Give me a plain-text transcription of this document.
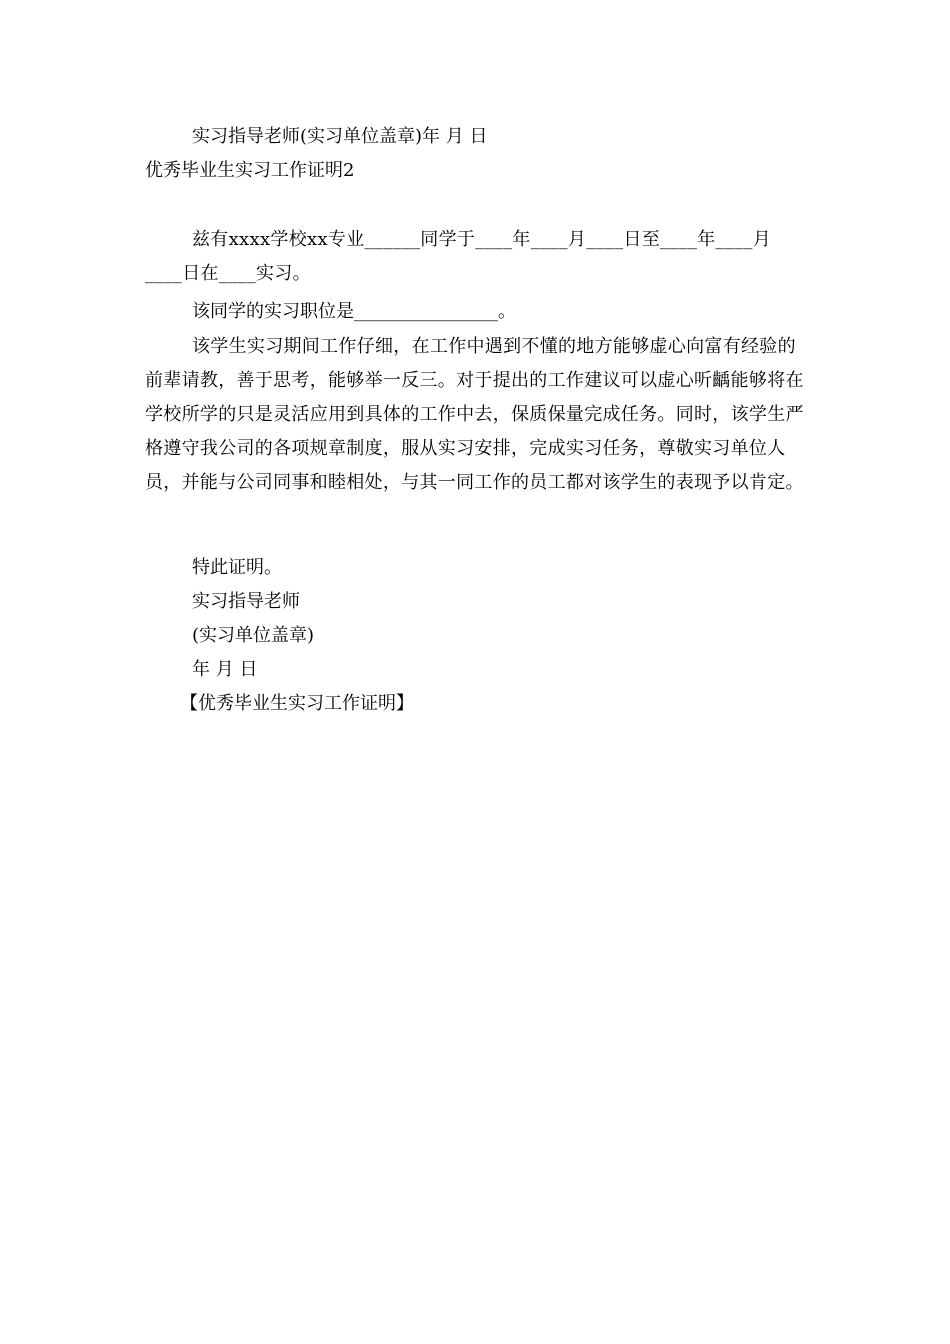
实习指导老师(实习单位盖章)年 月 日
优秀毕业生实习工作证明2

兹有xxxx学校xx专业______同学于____年____月____日至____年____月____日在____实习。

该同学的实习职位是________________。

该学生实习期间工作仔细，在工作中遇到不懂的地方能够虚心向富有经验的前辈请教，善于思考，能够举一反三。对于提出的工作建议可以虚心听齲能够将在学校所学的只是灵活应用到具体的工作中去，保质保量完成任务。同时，该学生严格遵守我公司的各项规章制度，服从实习安排，完成实习任务，尊敬实习单位人员，并能与公司同事和睦相处，与其一同工作的员工都对该学生的表现予以肯定。

特此证明。
实习指导老师
(实习单位盖章)
年 月 日
【优秀毕业生实习工作证明】
